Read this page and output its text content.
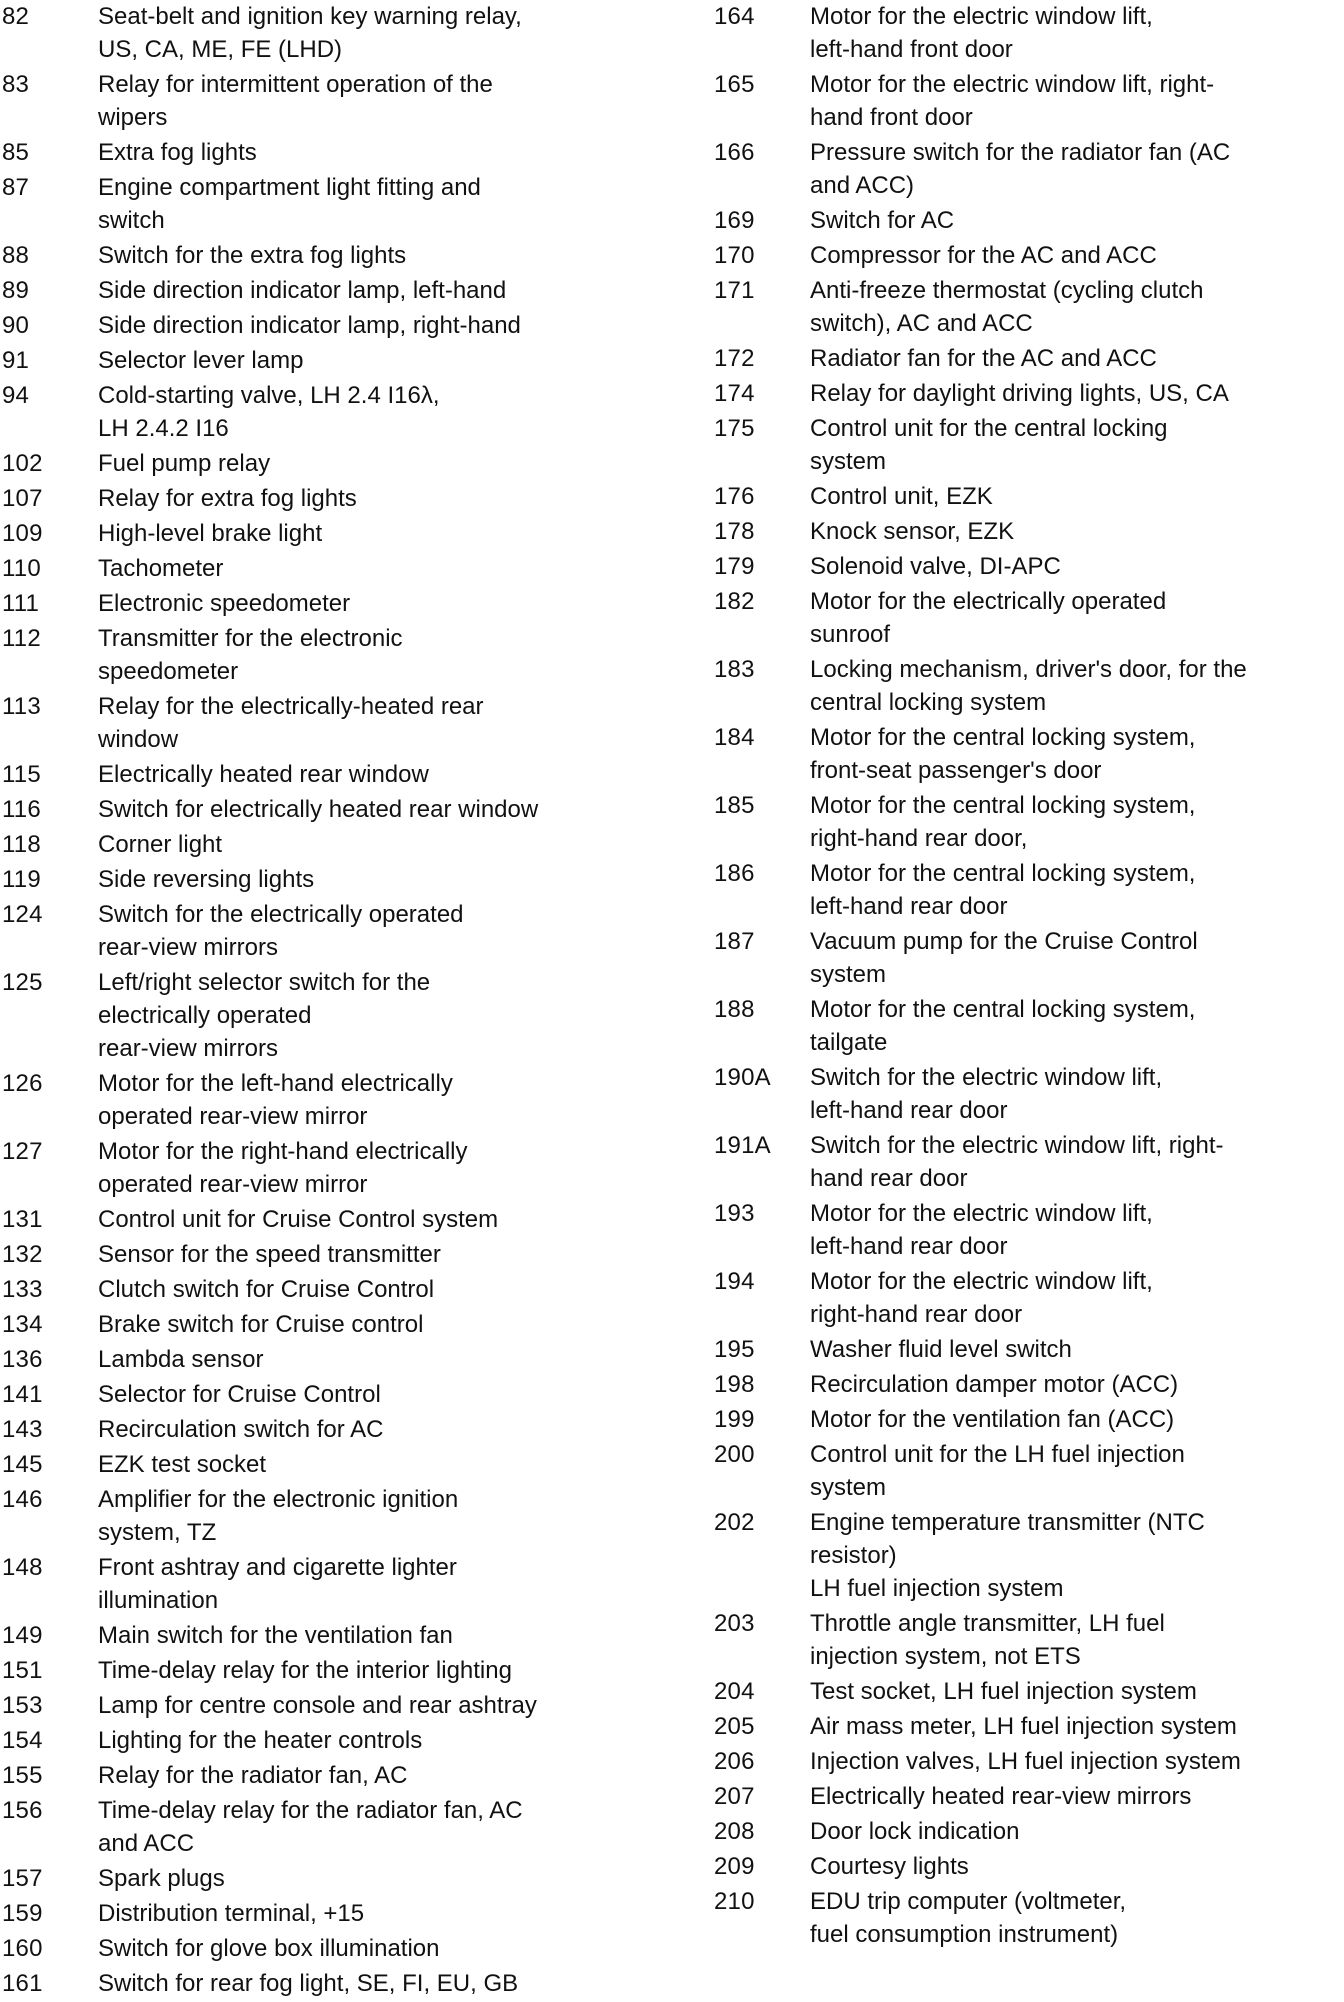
82	Seat-belt and ignition key warning relay,
US, CA, ME, FE (LHD)
83	Relay for intermittent operation of the
wipers
85	Extra fog lights
87	Engine compartment light fitting and
switch
88	Switch for the extra fog lights
89	Side direction indicator lamp, left-hand
90	Side direction indicator lamp, right-hand
91	Selector lever lamp
94	Cold-starting valve, LH 2.4 I16λ,
LH 2.4.2 I16
102	Fuel pump relay
107	Relay for extra fog lights
109	High-level brake light
110	Tachometer
111	Electronic speedometer
112	Transmitter for the electronic
speedometer
113	Relay for the electrically-heated rear
window
115	Electrically heated rear window
116	Switch for electrically heated rear window
118	Corner light
119	Side reversing lights
124	Switch for the electrically operated
rear-view mirrors
125	Left/right selector switch for the
electrically operated
rear-view mirrors
126	Motor for the left-hand electrically
operated rear-view mirror
127	Motor for the right-hand electrically
operated rear-view mirror
131	Control unit for Cruise Control system
132	Sensor for the speed transmitter
133	Clutch switch for Cruise Control
134	Brake switch for Cruise control
136	Lambda sensor
141	Selector for Cruise Control
143	Recirculation switch for AC
145	EZK test socket
146	Amplifier for the electronic ignition
system, TZ
148	Front ashtray and cigarette lighter
illumination
149	Main switch for the ventilation fan
151	Time-delay relay for the interior lighting
153	Lamp for centre console and rear ashtray
154	Lighting for the heater controls
155	Relay for the radiator fan, AC
156	Time-delay relay for the radiator fan, AC
and ACC
157	Spark plugs
159	Distribution terminal, +15
160	Switch for glove box illumination
161	Switch for rear fog light, SE, FI, EU, GB
164	Motor for the electric window lift,
left-hand front door
165	Motor for the electric window lift, right-
hand front door
166	Pressure switch for the radiator fan (AC
and ACC)
169	Switch for AC
170	Compressor for the AC and ACC
171	Anti-freeze thermostat (cycling clutch
switch), AC and ACC
172	Radiator fan for the AC and ACC
174	Relay for daylight driving lights, US, CA
175	Control unit for the central locking
system
176	Control unit, EZK
178	Knock sensor, EZK
179	Solenoid valve, DI-APC
182	Motor for the electrically operated
sunroof
183	Locking mechanism, driver's door, for the
central locking system
184	Motor for the central locking system,
front-seat passenger's door
185	Motor for the central locking system,
right-hand rear door,
186	Motor for the central locking system,
left-hand rear door
187	Vacuum pump for the Cruise Control
system
188	Motor for the central locking system,
tailgate
190A	Switch for the electric window lift,
left-hand rear door
191A	Switch for the electric window lift, right-
hand rear door
193	Motor for the electric window lift,
left-hand rear door
194	Motor for the electric window lift,
right-hand rear door
195	Washer fluid level switch
198	Recirculation damper motor (ACC)
199	Motor for the ventilation fan (ACC)
200	Control unit for the LH fuel injection
system
202	Engine temperature transmitter (NTC
resistor)
LH fuel injection system
203	Throttle angle transmitter, LH fuel
injection system, not ETS
204	Test socket, LH fuel injection system
205	Air mass meter, LH fuel injection system
206	Injection valves, LH fuel injection system
207	Electrically heated rear-view mirrors
208	Door lock indication
209	Courtesy lights
210	EDU trip computer (voltmeter,
fuel consumption instrument)
